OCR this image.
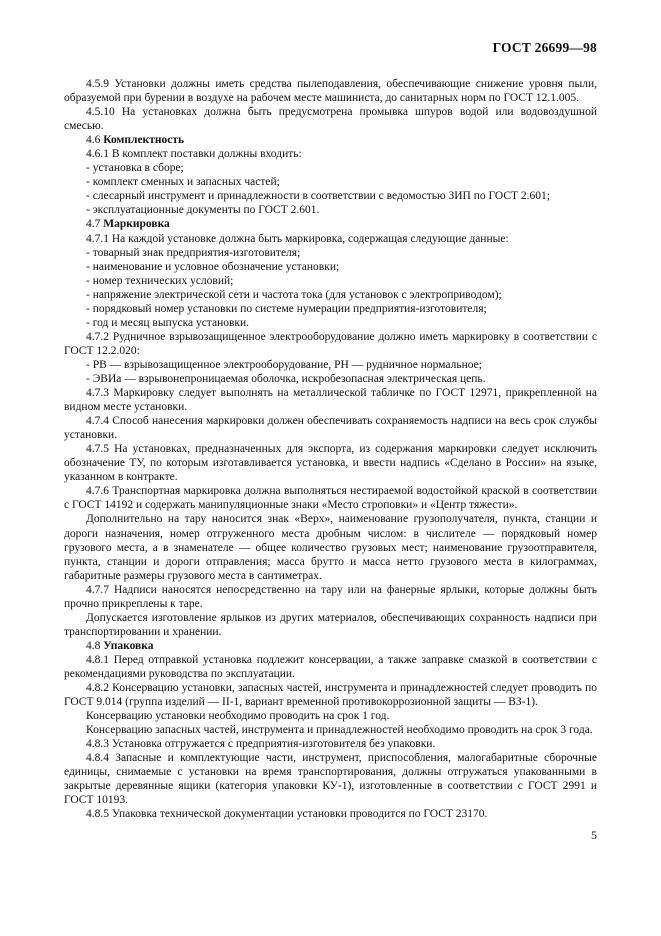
ГОСТ 26699—98

4.5.9 Установки должны иметь средства пылеподавления, обеспечивающие снижение уровня пыли, образуемой при бурении в воздухе на рабочем месте машиниста, до санитарных норм по ГОСТ 12.1.005.

4.5.10 На установках должна быть предусмотрена промывка шпуров водой или водовоздушной смесью.

4.6 Комплектность

4.6.1 В комплект поставки должны входить:

- установка в сборе;

- комплект сменных и запасных частей;

- слесарный инструмент и принадлежности в соответствии с ведомостью ЗИП по ГОСТ 2.601;

- эксплуатационные документы по ГОСТ 2.601.

4.7 Маркировка

4.7.1 На каждой установке должна быть маркировка, содержащая следующие данные:

- товарный знак предприятия-изготовителя;

- наименование и условное обозначение установки;

- номер технических условий;

- напряжение электрической сети и частота тока (для установок с электроприводом);

- порядковый номер установки по системе нумерации предприятия-изготовителя;

- год и месяц выпуска установки.

4.7.2 Рудничное взрывозащищенное электрооборудование должно иметь маркировку в соответствии с ГОСТ 12.2.020:

- РВ — взрывозащищенное электрооборудование, РН — рудничное нормальное;

- ЭВИа — взрывонепроницаемая оболочка, искробезопасная электрическая цепь.

4.7.3 Маркировку следует выполнять на металлической табличке по ГОСТ 12971, прикрепленной на видном месте установки.

4.7.4 Способ нанесения маркировки должен обеспечивать сохраняемость надписи на весь срок службы установки.

4.7.5 На установках, предназначенных для экспорта, из содержания маркировки следует исключить обозначение ТУ, по которым изготавливается установка, и ввести надпись «Сделано в России» на языке, указанном в контракте.

4.7.6 Транспортная маркировка должна выполняться нестираемой водостойкой краской в соответствии с ГОСТ 14192 и содержать манипуляционные знаки «Место строповки» и «Центр тяжести».

Дополнительно на тару наносится знак «Верх», наименование грузополучателя, пункта, станции и дороги назначения, номер отгруженного места дробным числом: в числителе — порядковый номер грузового места, а в знаменателе — общее количество грузовых мест; наименование грузоотправителя, пункта, станции и дороги отправления; масса брутто и масса нетто грузового места в килограммах, габаритные размеры грузового места в сантиметрах.

4.7.7 Надписи наносятся непосредственно на тару или на фанерные ярлыки, которые должны быть прочно прикреплены к таре.

Допускается изготовление ярлыков из других материалов, обеспечивающих сохранность надписи при транспортировании и хранении.

4.8 Упаковка

4.8.1 Перед отправкой установка подлежит консервации, а также заправке смазкой в соответствии с рекомендациями руководства по эксплуатации.

4.8.2 Консервацию установки, запасных частей, инструмента и принадлежностей следует проводить по ГОСТ 9.014 (группа изделий — II-1, вариант временной противокоррозионной защиты — ВЗ-1).

Консервацию установки необходимо проводить на срок 1 год.

Консервацию запасных частей, инструмента и принадлежностей необходимо проводить на срок 3 года.

4.8.3 Установка отгружается с предприятия-изготовителя без упаковки.

4.8.4 Запасные и комплектующие части, инструмент, приспособления, малогабаритные сборочные единицы, снимаемые с установки на время транспортирования, должны отгружаться упакованными в закрытые деревянные ящики (категория упаковки КУ-1), изготовленные в соответствии с ГОСТ 2991 и ГОСТ 10193.

4.8.5 Упаковка технической документации установки проводится по ГОСТ 23170.

5
